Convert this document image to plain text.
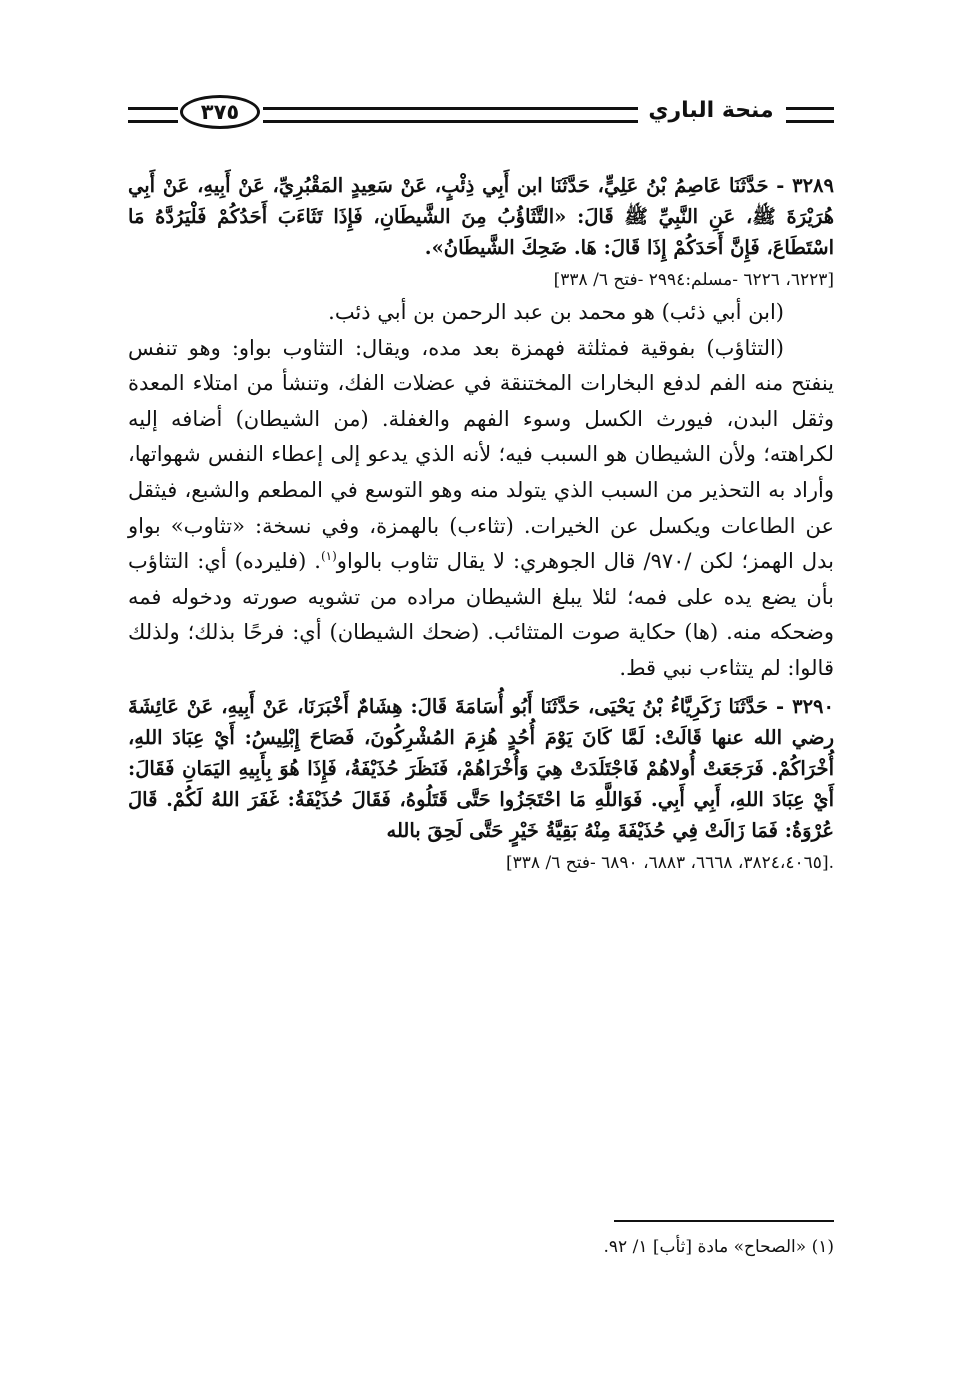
٣٧٥	منحة الباري

٣٢٨٩ - حَدَّثَنَا عَاصِمُ بْنُ عَلِيٍّ، حَدَّثَنَا ابن أَبِي ذِئْبٍ، عَنْ سَعِيدٍ المَقْبُرِيِّ، عَنْ أَبِيهِ، عَنْ أَبِي هُرَيْرَةَ ﷺ، عَنِ النَّبِيِّ ﷺ قَالَ: «التَّثَاؤُبُ مِنَ الشَّيطَانِ، فَإِذَا تَثَاءَبَ أَحَدُكُمْ فَلْيَرُدَّهُ مَا اسْتَطَاعَ، فَإِنَّ أَحَدَكُمْ إِذَا قَالَ: هَا. ضَحِكَ الشَّيطَانُ».

[٦٢٢٣، ٦٢٢٦ -مسلم:٢٩٩٤ -فتح ٦/ ٣٣٨]

(ابن أبي ذئب) هو محمد بن عبد الرحمن بن أبي ذئب.

(التثاؤب) بفوقية فمثلثة فهمزة بعد مده، ويقال: التثاوب بواو: وهو تنفس ينفتح منه الفم لدفع البخارات المختنقة في عضلات الفك، وتنشأ من امتلاء المعدة وثقل البدن، فيورث الكسل وسوء الفهم والغفلة. (من الشيطان) أضافه إليه لكراهته؛ ولأن الشيطان هو السبب فيه؛ لأنه الذي يدعو إلى إعطاء النفس شهواتها، وأراد به التحذير من السبب الذي يتولد منه وهو التوسع في المطعم والشبع، فيثقل عن الطاعات ويكسل عن الخيرات. (تثاءب) بالهمزة، وفي نسخة: «تثاوب» بواو بدل الهمز؛ لكن /٩٧٠/ قال الجوهري: لا يقال تثاوب بالواو$^{(١)}$. (فليرده) أي: التثاؤب بأن يضع يده على فمه؛ لئلا يبلغ الشيطان مراده من تشويه صورته ودخوله فمه وضحكه منه. (ها) حكاية صوت المتثائب. (ضحك الشيطان) أي: فرحًا بذلك؛ ولذلك قالوا: لم يتثاءب نبي قط.

٣٢٩٠ - حَدَّثَنَا زَكَرِيَّاءُ بْنُ يَحْيَى، حَدَّثَنَا أَبُو أُسَامَةَ قَالَ: هِشَامٌ أَخْبَرَنَا، عَنْ أَبِيهِ، عَنْ عَائِشَةَ رضي الله عنها قَالَتْ: لَمَّا كَانَ يَوْمَ أُحُدٍ هُزِمَ المُشْرِكُونَ، فَصَاحَ إِبْلِيسُ: أَيْ عِبَادَ اللهِ، أُخْرَاكُمْ. فَرَجَعَتْ أُولاهُمْ فَاجْتَلَدَتْ هِيَ وَأُخْرَاهُمْ، فَنَظَرَ حُذَيْفَةُ، فَإِذَا هُوَ بِأَبِيهِ اليَمَانِ فَقَالَ: أَيْ عِبَادَ اللهِ، أَبِي أَبِي. فَوَاللَّهِ مَا احْتَجَزُوا حَتَّى قَتَلُوهُ، فَقَالَ حُذَيْفَةُ: غَفَرَ اللهُ لَكُمْ. قَالَ عُرْوَةُ: فَمَا زَالَتْ فِي حُذَيْفَةَ مِنْهُ بَقِيَّةُ خَيْرٍ حَتَّى لَحِقَ بالله

.[٣٨٢٤،٤٠٦٥، ٦٦٦٨، ٦٨٨٣، ٦٨٩٠ -فتح ٦/ ٣٣٨]

(١) «الصحاح» مادة [ثأب] ١/ ٩٢.
